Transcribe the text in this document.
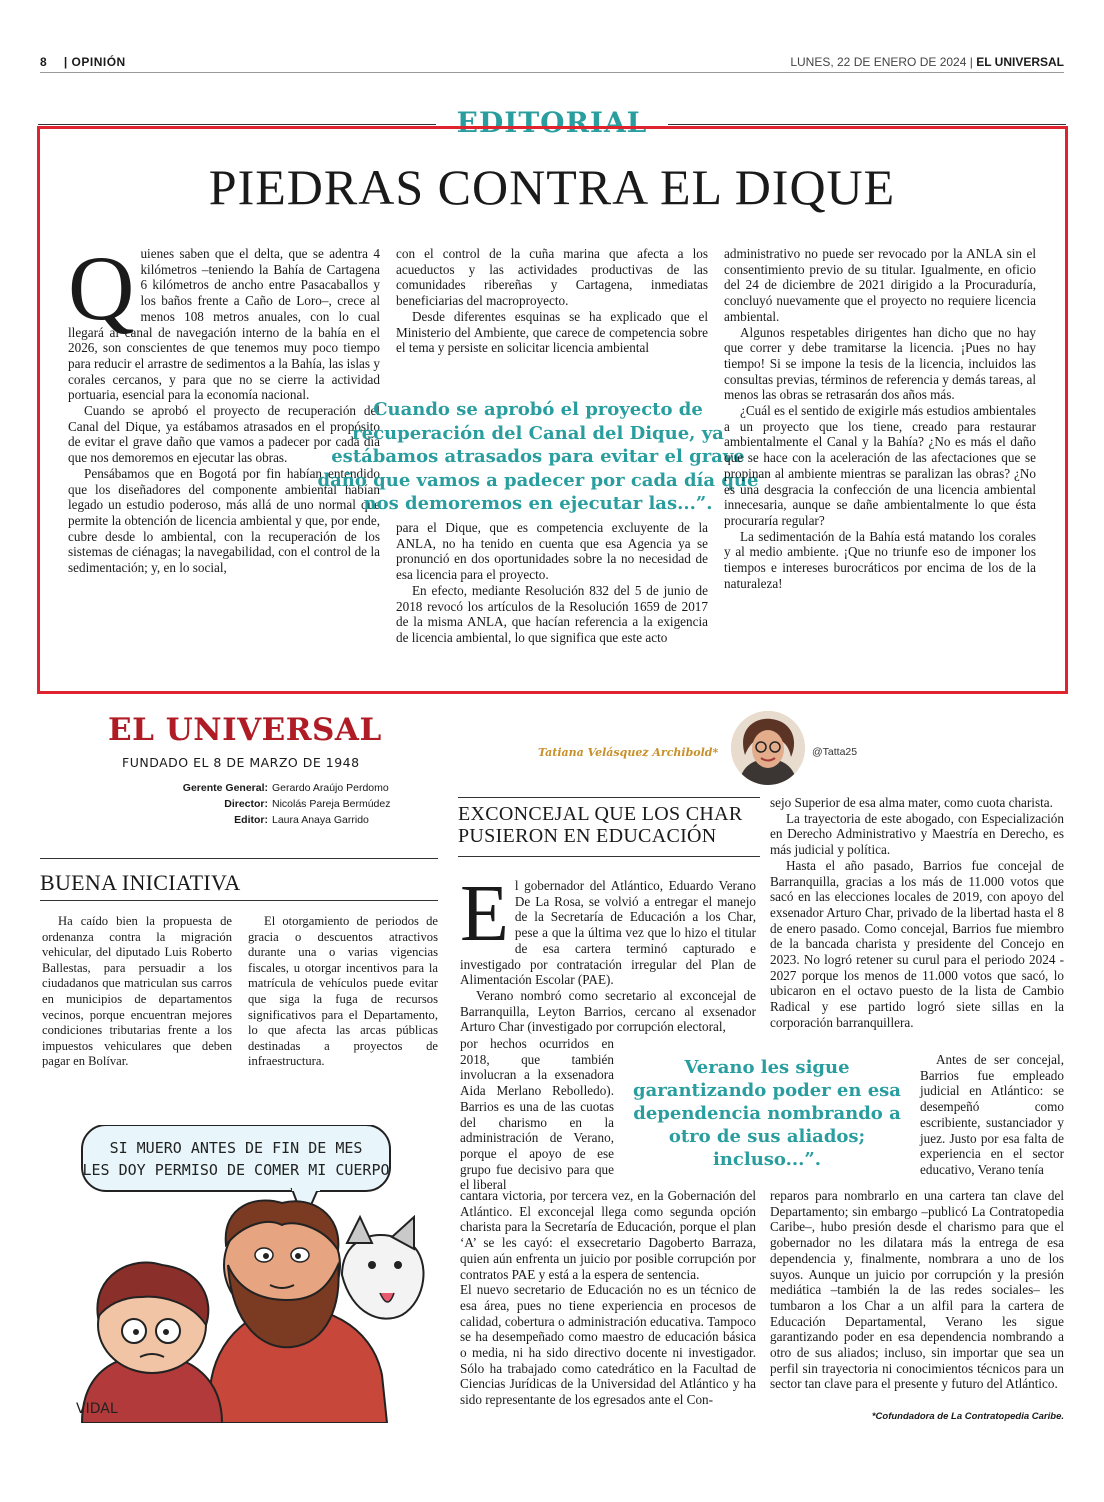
8	| OPINIÓN	LUNES, 22 DE ENERO DE 2024 | EL UNIVERSAL
EDITORIAL
PIEDRAS CONTRA EL DIQUE
Q uienes saben que el delta, que se adentra 4 kilómetros –teniendo la Bahía de Cartagena 6 kilómetros de ancho entre Pasacaballos y los baños frente a Caño de Loro–, crece al menos 108 metros anuales, con lo cual llegará al canal de navegación interno de la bahía en el 2026, son conscientes de que tenemos muy poco tiempo para reducir el arrastre de sedimentos a la Bahía, las islas y corales cercanos, y para que no se cierre la actividad portuaria, esencial para la economía nacional.

Cuando se aprobó el proyecto de recuperación del Canal del Dique, ya estábamos atrasados en el propósito de evitar el grave daño que vamos a padecer por cada día que nos demoremos en ejecutar las obras.

Pensábamos que en Bogotá por fin habían entendido que los diseñadores del componente ambiental habían legado un estudio poderoso, más allá de uno normal que permite la obtención de licencia ambiental y que, por ende, cubre desde lo ambiental, con la recuperación de los sistemas de ciénagas; la navegabilidad, con el control de la sedimentación; y, en lo social,

con el control de la cuña marina que afecta a los acueductos y las actividades productivas de las comunidades ribereñas y Cartagena, inmediatas beneficiarias del macroproyecto.

Desde diferentes esquinas se ha explicado que el Ministerio del Ambiente, que carece de competencia sobre el tema y persiste en solicitar licencia ambiental

Cuando se aprobó el proyecto de recuperación del Canal del Dique, ya estábamos atrasados para evitar el grave daño que vamos a padecer por cada día que nos demoremos en ejecutar las...”.

para el Dique, que es competencia excluyente de la ANLA, no ha tenido en cuenta que esa Agencia ya se pronunció en dos oportunidades sobre la no necesidad de esa licencia para el proyecto.

En efecto, mediante Resolución 832 del 5 de junio de 2018 revocó los artículos de la Resolución 1659 de 2017 de la misma ANLA, que hacían referencia a la exigencia de licencia ambiental, lo que significa que este acto

administrativo no puede ser revocado por la ANLA sin el consentimiento previo de su titular. Igualmente, en oficio del 24 de diciembre de 2021 dirigido a la Procuraduría, concluyó nuevamente que el proyecto no requiere licencia ambiental.

Algunos respetables dirigentes han dicho que no hay que correr y debe tramitarse la licencia. ¡Pues no hay tiempo! Si se impone la tesis de la licencia, incluidos las consultas previas, términos de referencia y demás tareas, al menos las obras se retrasarán dos años más.

¿Cuál es el sentido de exigirle más estudios ambientales a un proyecto que los tiene, creado para restaurar ambientalmente el Canal y la Bahía? ¿No es más el daño que se hace con la aceleración de las afectaciones que se propinan al ambiente mientras se paralizan las obras? ¿No es una desgracia la confección de una licencia ambiental innecesaria, aunque se dañe ambientalmente lo que ésta procuraría regular?

La sedimentación de la Bahía está matando los corales y al medio ambiente. ¡Que no triunfe eso de imponer los tiempos e intereses burocráticos por encima de los de la naturaleza!

EL UNIVERSAL
FUNDADO EL 8 DE MARZO DE 1948
Gerente General: Gerardo Araújo Perdomo
Director: Nicolás Pareja Bermúdez
Editor: Laura Anaya Garrido
BUENA INICIATIVA

Ha caído bien la propuesta de ordenanza contra la migración vehicular, del diputado Luis Roberto Ballestas, para persuadir a los ciudadanos que matriculan sus carros en municipios de departamentos vecinos, porque encuentran mejores condiciones tributarias frente a los impuestos vehiculares que deben pagar en Bolívar.

El otorgamiento de periodos de gracia o descuentos atractivos durante una o varias vigencias fiscales, u otorgar incentivos para la matrícula de vehículos puede evitar que siga la fuga de recursos significativos para el Departamento, lo que afecta las arcas públicas destinadas a proyectos de infraestructura.

SI MUERO ANTES DE FIN DE MES
LES DOY PERMISO DE COMER MI CUERPO
VIDAL
Tatiana Velásquez Archibold*	@Tatta25
EXCONCEJAL QUE LOS CHAR PUSIERON EN EDUCACIÓN
E l gobernador del Atlántico, Eduardo Verano De La Rosa, se volvió a entregar el manejo de la Secretaría de Educación a los Char, pese a que la última vez que lo hizo el titular de esa cartera terminó capturado e investigado por contratación irregular del Plan de Alimentación Escolar (PAE).

Verano nombró como secretario al exconcejal de Barranquilla, Leyton Barrios, cercano al exsenador Arturo Char (investigado por corrupción electoral,

por hechos ocurridos en 2018, que también involucran a la exsenadora Aida Merlano Rebolledo). Barrios es una de las cuotas del charismo en la administración de Verano, porque el apoyo de ese grupo fue decisivo para que el liberal

Verano les sigue garantizando poder en esa dependencia nombrando a otro de sus aliados; incluso...”.

cantara victoria, por tercera vez, en la Gobernación del Atlántico. El exconcejal llega como segunda opción charista para la Secretaría de Educación, porque el plan ‘A’ se les cayó: el exsecretario Dagoberto Barraza, quien aún enfrenta un juicio por posible corrupción por contratos PAE y está a la espera de sentencia.

El nuevo secretario de Educación no es un técnico de esa área, pues no tiene experiencia en procesos de calidad, cobertura o administración educativa. Tampoco se ha desempeñado como maestro de educación básica o media, ni ha sido directivo docente ni investigador. Sólo ha trabajado como catedrático en la Facultad de Ciencias Jurídicas de la Universidad del Atlántico y ha sido representante de los egresados ante el Con-

sejo Superior de esa alma mater, como cuota charista.

La trayectoria de este abogado, con Especialización en Derecho Administrativo y Maestría en Derecho, es más judicial y política.

Hasta el año pasado, Barrios fue concejal de Barranquilla, gracias a los más de 11.000 votos que sacó en las elecciones locales de 2019, con apoyo del exsenador Arturo Char, privado de la libertad hasta el 8 de enero pasado. Como concejal, Barrios fue miembro de la bancada charista y presidente del Concejo en 2023. No logró retener su curul para el periodo 2024 - 2027 porque los menos de 11.000 votos que sacó, lo ubicaron en el octavo puesto de la lista de Cambio Radical y ese partido logró siete sillas en la corporación barranquillera.

Antes de ser concejal, Barrios fue empleado judicial en Atlántico: se desempeñó como escribiente, sustanciador y juez. Justo por esa falta de experiencia en el sector educativo, Verano tenía

reparos para nombrarlo en una cartera tan clave del Departamento; sin embargo –publicó La Contratopedia Caribe–, hubo presión desde el charismo para que el gobernador no les dilatara más la entrega de esa dependencia y, finalmente, nombrara a uno de los suyos. Aunque un juicio por corrupción y la presión mediática –también la de las redes sociales– les tumbaron a los Char a un alfil para la cartera de Educación Departamental, Verano les sigue garantizando poder en esa dependencia nombrando a otro de sus aliados; incluso, sin importar que sea un perfil sin trayectoria ni conocimientos técnicos para un sector tan clave para el presente y futuro del Atlántico.

*Cofundadora de La Contratopedia Caribe.
